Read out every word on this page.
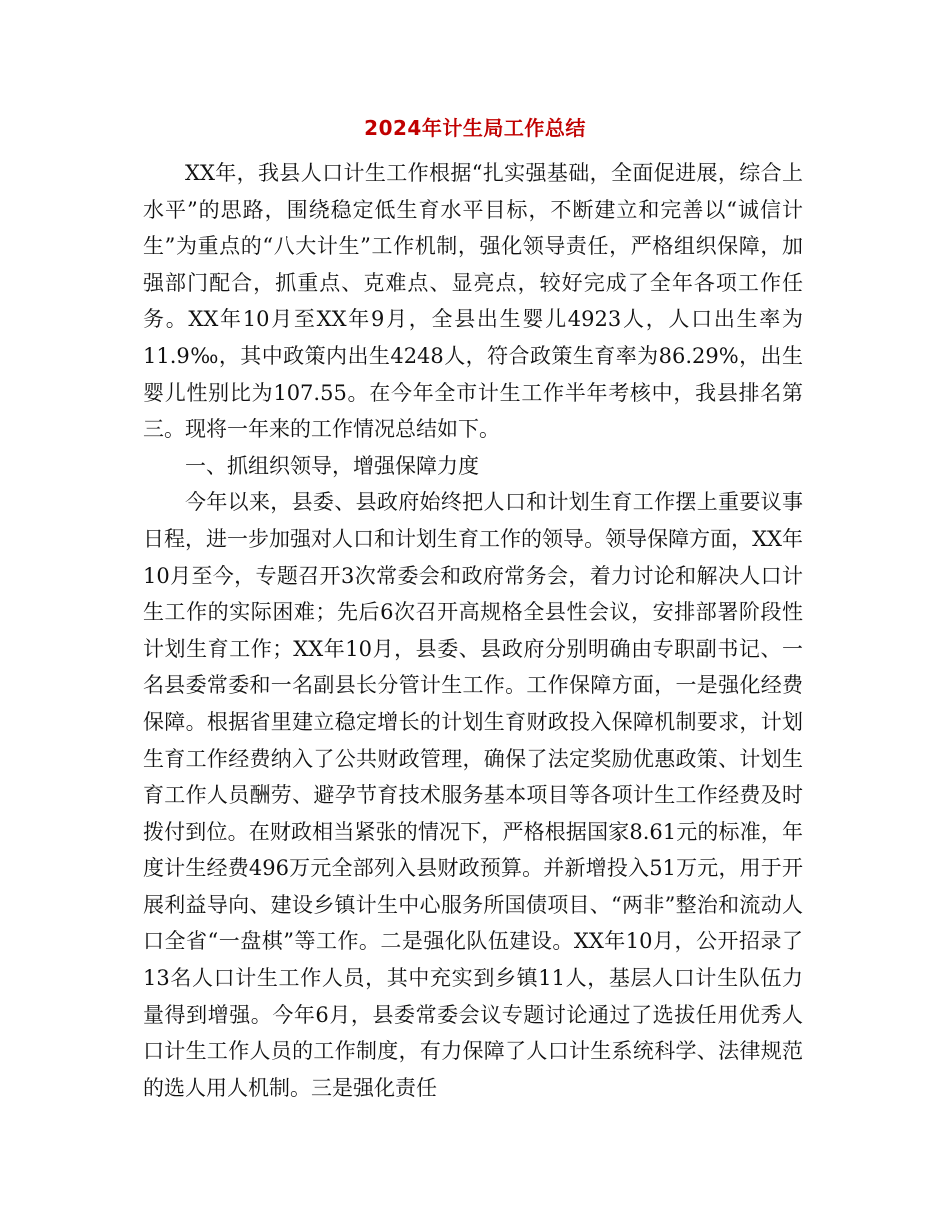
2024年计生局工作总结

XX年，我县人口计生工作根据“扎实强基础，全面促进展，综合上水平”的思路，围绕稳定低生育水平目标，不断建立和完善以“诚信计生”为重点的“八大计生”工作机制，强化领导责任，严格组织保障，加强部门配合，抓重点、克难点、显亮点，较好完成了全年各项工作任务。XX年10月至XX年9月，全县出生婴儿4923人，人口出生率为11.9‰，其中政策内出生4248人，符合政策生育率为86.29%，出生婴儿性别比为107.55。在今年全市计生工作半年考核中，我县排名第三。现将一年来的工作情况总结如下。

一、抓组织领导，增强保障力度

今年以来，县委、县政府始终把人口和计划生育工作摆上重要议事日程，进一步加强对人口和计划生育工作的领导。领导保障方面，XX年10月至今，专题召开3次常委会和政府常务会，着力讨论和解决人口计生工作的实际困难；先后6次召开高规格全县性会议，安排部署阶段性计划生育工作；XX年10月，县委、县政府分别明确由专职副书记、一名县委常委和一名副县长分管计生工作。工作保障方面，一是强化经费保障。根据省里建立稳定增长的计划生育财政投入保障机制要求，计划生育工作经费纳入了公共财政管理，确保了法定奖励优惠政策、计划生育工作人员酬劳、避孕节育技术服务基本项目等各项计生工作经费及时拨付到位。在财政相当紧张的情况下，严格根据国家8.61元的标准，年度计生经费496万元全部列入县财政预算。并新增投入51万元，用于开展利益导向、建设乡镇计生中心服务所国债项目、“两非”整治和流动人口全省“一盘棋”等工作。二是强化队伍建设。XX年10月，公开招录了13名人口计生工作人员，其中充实到乡镇11人，基层人口计生队伍力量得到增强。今年6月，县委常委会议专题讨论通过了选拔任用优秀人口计生工作人员的工作制度，有力保障了人口计生系统科学、法律规范的选人用人机制。三是强化责任
